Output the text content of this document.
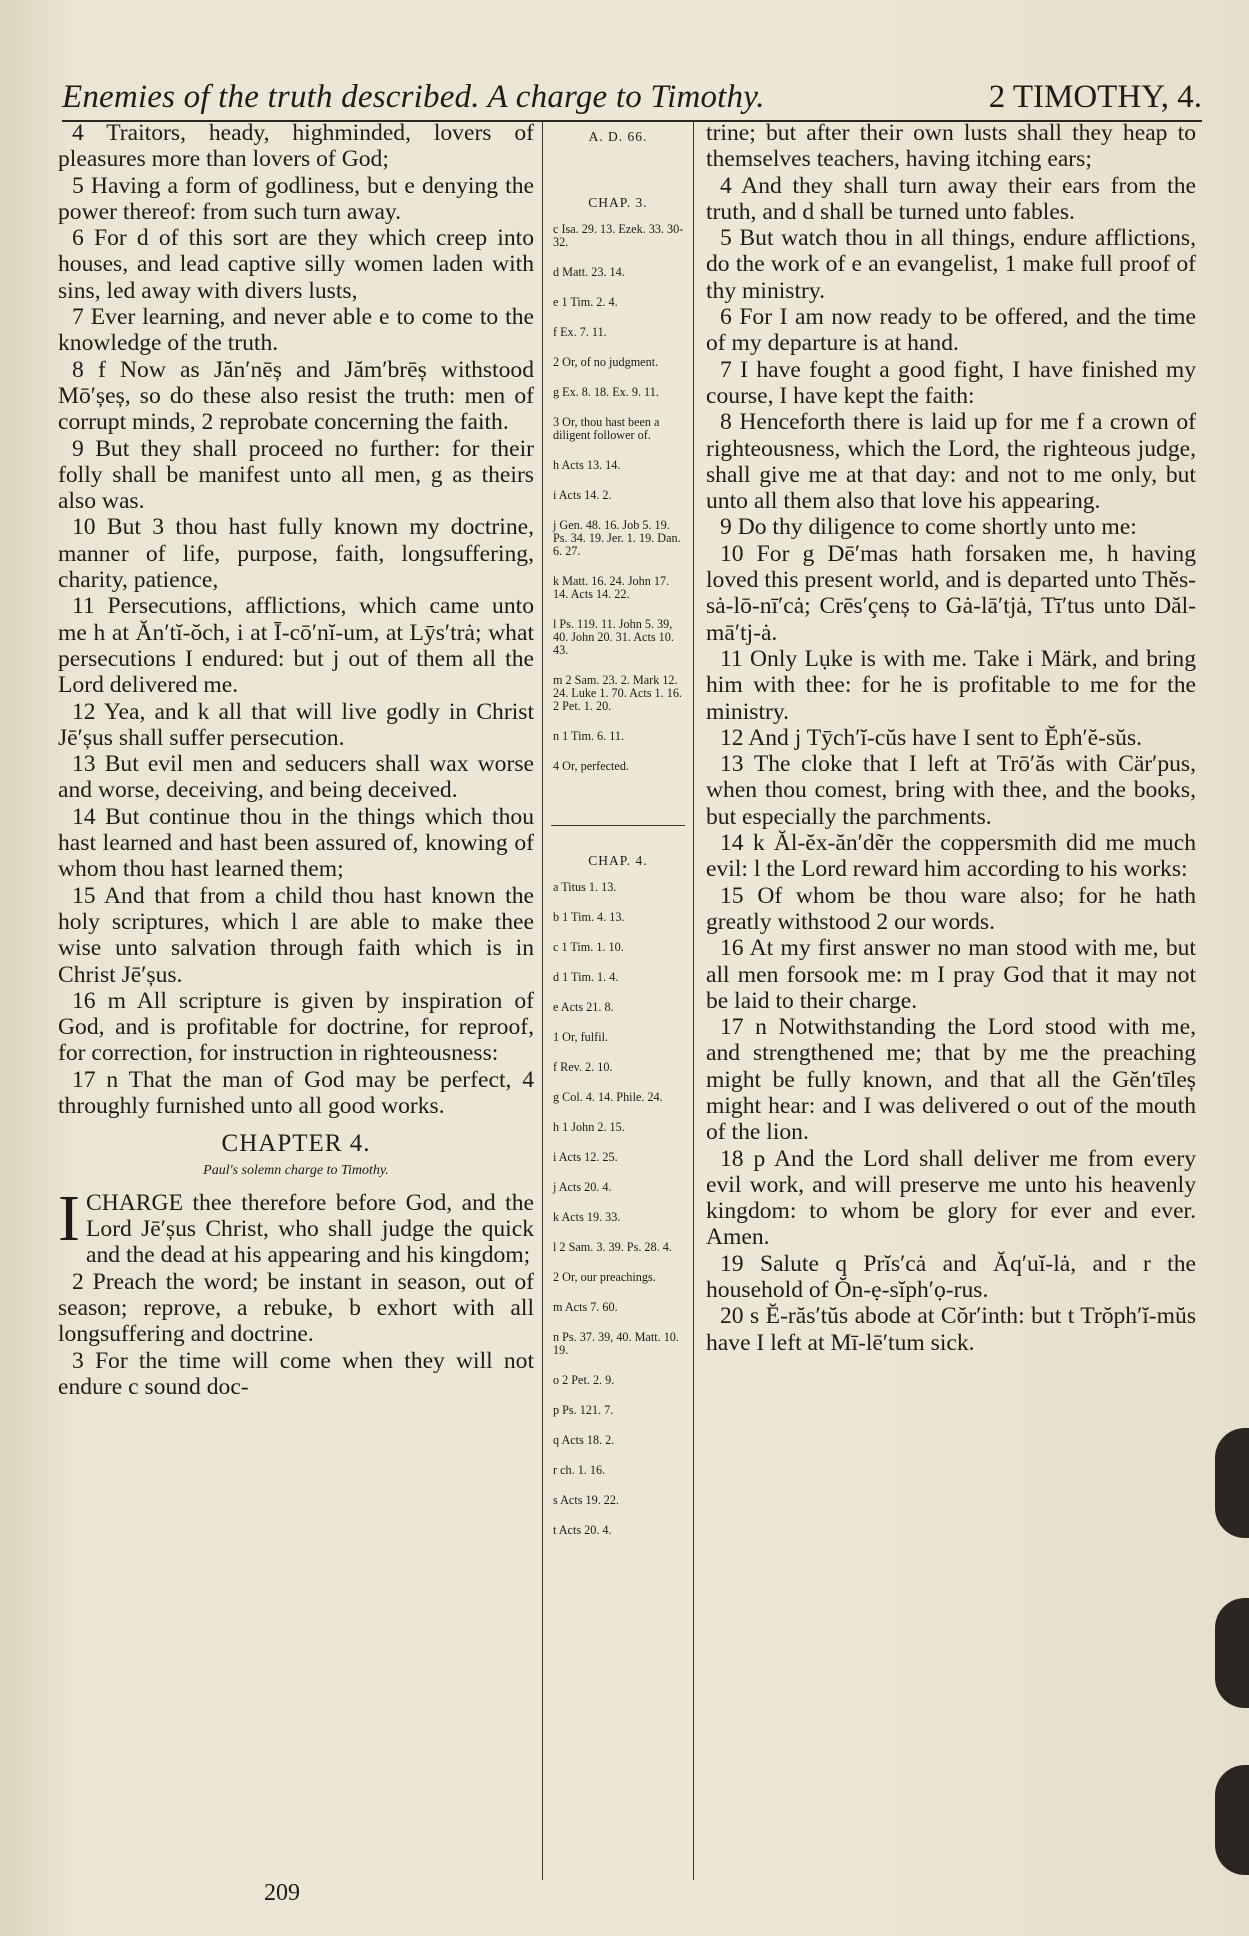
Enemies of the truth described. A charge to Timothy.	2 TIMOTHY, 4.

4 Traitors, heady, highminded, lovers of pleasures more than lovers of God;

5 Having a form of godliness, but e denying the power thereof: from such turn away.

6 For d of this sort are they which creep into houses, and lead captive silly women laden with sins, led away with divers lusts,

7 Ever learning, and never able e to come to the knowledge of the truth.

8 f Now as Jăn′nēș and Jăm′brēș withstood Mō′șeș, so do these also resist the truth: men of corrupt minds, 2 reprobate concerning the faith.

9 But they shall proceed no further: for their folly shall be manifest unto all men, g as theirs also was.

10 But 3 thou hast fully known my doctrine, manner of life, purpose, faith, longsuffering, charity, patience,

11 Persecutions, afflictions, which came unto me h at Ăn′tĭ-ŏch, i at Ī-cō′nĭ-um, at Lȳs′trȧ; what persecutions I endured: but j out of them all the Lord delivered me.

12 Yea, and k all that will live godly in Christ Jē′șus shall suffer persecution.

13 But evil men and seducers shall wax worse and worse, deceiving, and being deceived.

14 But continue thou in the things which thou hast learned and hast been assured of, knowing of whom thou hast learned them;

15 And that from a child thou hast known the holy scriptures, which l are able to make thee wise unto salvation through faith which is in Christ Jē′șus.

16 m All scripture is given by inspiration of God, and is profitable for doctrine, for reproof, for correction, for instruction in righteousness:

17 n That the man of God may be perfect, 4 throughly furnished unto all good works.

CHAPTER 4.
Paul's solemn charge to Timothy.
I CHARGE thee therefore before God, and the Lord Jē′șus Christ, who shall judge the quick and the dead at his appearing and his kingdom;

2 Preach the word; be instant in season, out of season; reprove, a rebuke, b exhort with all longsuffering and doctrine.

3 For the time will come when they will not endure c sound doc-

A. D. 66.
CHAP. 3.
c Isa. 29. 13. Ezek. 33. 30-32.
d Matt. 23. 14.
e 1 Tim. 2. 4.
f Ex. 7. 11.
2 Or, of no judgment.
g Ex. 8. 18. Ex. 9. 11.
3 Or, thou hast been a diligent follower of.
h Acts 13. 14.
i Acts 14. 2.
j Gen. 48. 16. Job 5. 19. Ps. 34. 19. Jer. 1. 19. Dan. 6. 27.
k Matt. 16. 24. John 17. 14. Acts 14. 22.
l Ps. 119. 11. John 5. 39, 40. John 20. 31. Acts 10. 43.
m 2 Sam. 23. 2. Mark 12. 24. Luke 1. 70. Acts 1. 16. 2 Pet. 1. 20.
n 1 Tim. 6. 11.
4 Or, perfected.
CHAP. 4.
a Titus 1. 13.
b 1 Tim. 4. 13.
c 1 Tim. 1. 10.
d 1 Tim. 1. 4.
e Acts 21. 8.
1 Or, fulfil.
f Rev. 2. 10.
g Col. 4. 14. Phile. 24.
h 1 John 2. 15.
i Acts 12. 25.
j Acts 20. 4.
k Acts 19. 33.
l 2 Sam. 3. 39. Ps. 28. 4.
2 Or, our preachings.
m Acts 7. 60.
n Ps. 37. 39, 40. Matt. 10. 19.
o 2 Pet. 2. 9.
p Ps. 121. 7.
q Acts 18. 2.
r ch. 1. 16.
s Acts 19. 22.
t Acts 20. 4.

trine; but after their own lusts shall they heap to themselves teachers, having itching ears;

4 And they shall turn away their ears from the truth, and d shall be turned unto fables.

5 But watch thou in all things, endure afflictions, do the work of e an evangelist, 1 make full proof of thy ministry.

6 For I am now ready to be offered, and the time of my departure is at hand.

7 I have fought a good fight, I have finished my course, I have kept the faith:

8 Henceforth there is laid up for me f a crown of righteousness, which the Lord, the righteous judge, shall give me at that day: and not to me only, but unto all them also that love his appearing.

9 Do thy diligence to come shortly unto me:

10 For g Dē′mas hath forsaken me, h having loved this present world, and is departed unto Thĕs-sȧ-lō-nī′cȧ; Crēs′çenș to Gȧ-lā′tjȧ, Tī′tus unto Dăl-mā′tj-ȧ.

11 Only Lụke is with me. Take i Märk, and bring him with thee: for he is profitable to me for the ministry.

12 And j Tȳch′ĭ-cŭs have I sent to Ĕph′ĕ-sŭs.

13 The cloke that I left at Trō′ăs with Cär′pus, when thou comest, bring with thee, and the books, but especially the parchments.

14 k Ăl-ĕx-ăn′dẽr the coppersmith did me much evil: l the Lord reward him according to his works:

15 Of whom be thou ware also; for he hath greatly withstood 2 our words.

16 At my first answer no man stood with me, but all men forsook me: m I pray God that it may not be laid to their charge.

17 n Notwithstanding the Lord stood with me, and strengthened me; that by me the preaching might be fully known, and that all the Gĕn′tīleș might hear: and I was delivered o out of the mouth of the lion.

18 p And the Lord shall deliver me from every evil work, and will preserve me unto his heavenly kingdom: to whom be glory for ever and ever. Amen.

19 Salute q Prĭs′cȧ and Ăq′uĭ-lȧ, and r the household of Ŏn-ẹ-sĭph′ọ-rus.

20 s Ĕ-răs′tŭs abode at Cŏr′inth: but t Trŏph′ĭ-mŭs have I left at Mī-lē′tum sick.

209
